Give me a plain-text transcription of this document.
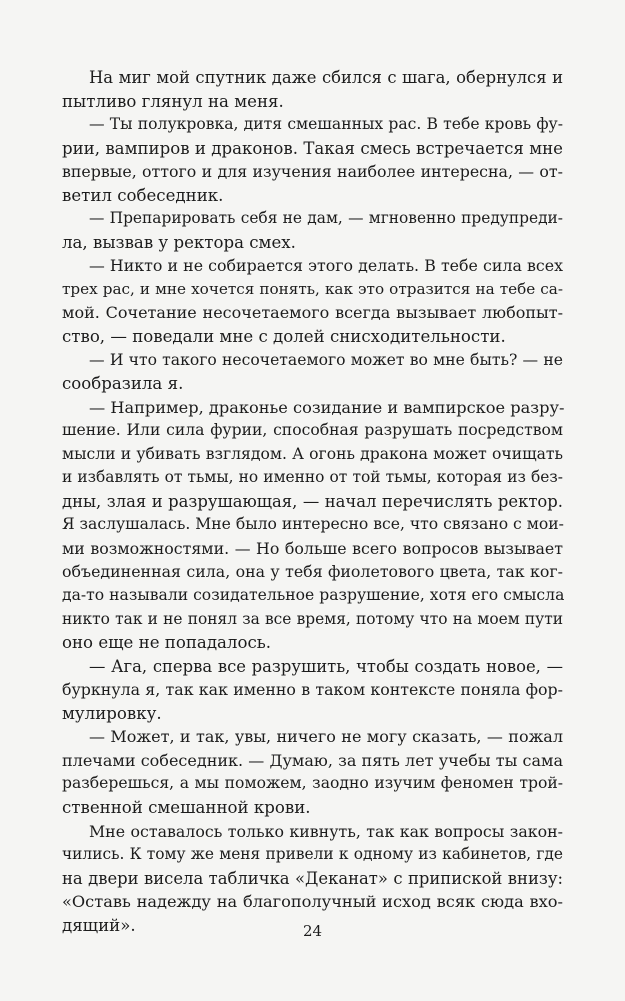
На миг мой спутник даже сбился с шага, обернулся и
пытливо глянул на меня.
— Ты полукровка, дитя смешанных рас. В тебе кровь фу-
рии, вампиров и драконов. Такая смесь встречается мне
впервые, оттого и для изучения наиболее интересна, — от-
ветил собеседник.
— Препарировать себя не дам, — мгновенно предупреди-
ла, вызвав у ректора смех.
— Никто и не собирается этого делать. В тебе сила всех
трех рас, и мне хочется понять, как это отразится на тебе са-
мой. Сочетание несочетаемого всегда вызывает любопыт-
ство, — поведали мне с долей снисходительности.
— И что такого несочетаемого может во мне быть? — не
сообразила я.
— Например, драконье созидание и вампирское разру-
шение. Или сила фурии, способная разрушать посредством
мысли и убивать взглядом. А огонь дракона может очищать
и избавлять от тьмы, но именно от той тьмы, которая из без-
дны, злая и разрушающая, — начал перечислять ректор.
Я заслушалась. Мне было интересно все, что связано с мои-
ми возможностями. — Но больше всего вопросов вызывает
объединенная сила, она у тебя фиолетового цвета, так ког-
да-то называли созидательное разрушение, хотя его смысла
никто так и не понял за все время, потому что на моем пути
оно еще не попадалось.
— Ага, сперва все разрушить, чтобы создать новое, —
буркнула я, так как именно в таком контексте поняла фор-
мулировку.
— Может, и так, увы, ничего не могу сказать, — пожал
плечами собеседник. — Думаю, за пять лет учебы ты сама
разберешься, а мы поможем, заодно изучим феномен трой-
ственной смешанной крови.
Мне оставалось только кивнуть, так как вопросы закон-
чились. К тому же меня привели к одному из кабинетов, где
на двери висела табличка «Деканат» с припиской внизу:
«Оставь надежду на благополучный исход всяк сюда вхо-
дящий».	24
